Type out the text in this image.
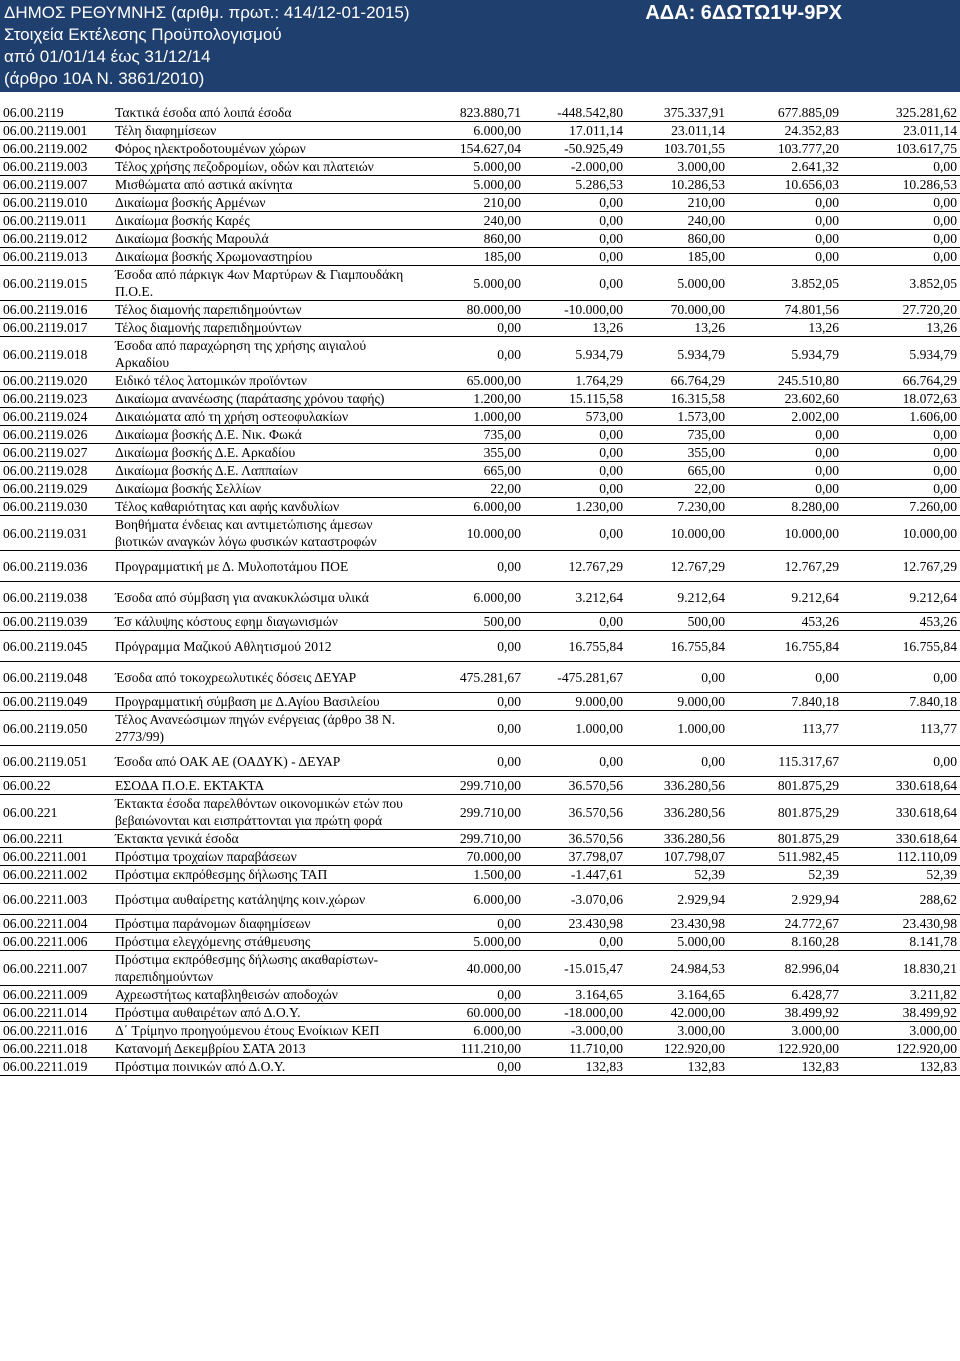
ΔΗΜΟΣ ΡΕΘΥΜΝΗΣ (αριθμ. πρωτ.: 414/12-01-2015)
Στοιχεία Εκτέλεσης Προϋπολογισμού
από 01/01/14 έως 31/12/14
(άρθρο 10Α Ν. 3861/2010)
ΑΔΑ: 6ΔΩΤΩ1Ψ-9ΡΧ
06.00.2119	Τακτικά έσοδα από λοιπά έσοδα	823.880,71	-448.542,80	375.337,91	677.885,09	325.281,62
06.00.2119.001	Τέλη διαφημίσεων	6.000,00	17.011,14	23.011,14	24.352,83	23.011,14
06.00.2119.002	Φόρος ηλεκτροδοτουμένων χώρων	154.627,04	-50.925,49	103.701,55	103.777,20	103.617,75
06.00.2119.003	Τέλος χρήσης πεζοδρομίων, οδών και πλατειών	5.000,00	-2.000,00	3.000,00	2.641,32	0,00
06.00.2119.007	Μισθώματα από αστικά ακίνητα	5.000,00	5.286,53	10.286,53	10.656,03	10.286,53
06.00.2119.010	Δικαίωμα βοσκής Αρμένων	210,00	0,00	210,00	0,00	0,00
06.00.2119.011	Δικαίωμα βοσκής Καρές	240,00	0,00	240,00	0,00	0,00
06.00.2119.012	Δικαίωμα βοσκής Μαρουλά	860,00	0,00	860,00	0,00	0,00
06.00.2119.013	Δικαίωμα βοσκής Χρωμοναστηρίου	185,00	0,00	185,00	0,00	0,00
06.00.2119.015	Έσοδα από πάρκιγκ 4ων Μαρτύρων & Γιαμπουδάκη Π.Ο.Ε.	5.000,00	0,00	5.000,00	3.852,05	3.852,05
06.00.2119.016	Τέλος διαμονής παρεπιδημούντων	80.000,00	-10.000,00	70.000,00	74.801,56	27.720,20
06.00.2119.017	Τέλος διαμονής παρεπιδημούντων	0,00	13,26	13,26	13,26	13,26
06.00.2119.018	Έσοδα από παραχώρηση της χρήσης αιγιαλού Αρκαδίου	0,00	5.934,79	5.934,79	5.934,79	5.934,79
06.00.2119.020	Ειδικό τέλος λατομικών προϊόντων	65.000,00	1.764,29	66.764,29	245.510,80	66.764,29
06.00.2119.023	Δικαίωμα ανανέωσης (παράτασης χρόνου ταφής)	1.200,00	15.115,58	16.315,58	23.602,60	18.072,63
06.00.2119.024	Δικαιώματα από τη χρήση οστεοφυλακίων	1.000,00	573,00	1.573,00	2.002,00	1.606,00
06.00.2119.026	Δικαίωμα βοσκής Δ.Ε. Νικ. Φωκά	735,00	0,00	735,00	0,00	0,00
06.00.2119.027	Δικαίωμα βοσκής Δ.Ε. Αρκαδίου	355,00	0,00	355,00	0,00	0,00
06.00.2119.028	Δικαίωμα βοσκής Δ.Ε. Λαππαίων	665,00	0,00	665,00	0,00	0,00
06.00.2119.029	Δικαίωμα βοσκής Σελλίων	22,00	0,00	22,00	0,00	0,00
06.00.2119.030	Τέλος καθαριότητας και αφής κανδυλίων	6.000,00	1.230,00	7.230,00	8.280,00	7.260,00
06.00.2119.031	Βοηθήματα ένδειας και αντιμετώπισης άμεσων βιοτικών αναγκών λόγω φυσικών καταστροφών	10.000,00	0,00	10.000,00	10.000,00	10.000,00
06.00.2119.036	Προγραμματική με Δ. Μυλοποτάμου ΠΟΕ	0,00	12.767,29	12.767,29	12.767,29	12.767,29
06.00.2119.038	Έσοδα από σύμβαση για ανακυκλώσιμα υλικά	6.000,00	3.212,64	9.212,64	9.212,64	9.212,64
06.00.2119.039	Έσ κάλυψης κόστους εφημ διαγωνισμών	500,00	0,00	500,00	453,26	453,26
06.00.2119.045	Πρόγραμμα Μαζικού Αθλητισμού 2012	0,00	16.755,84	16.755,84	16.755,84	16.755,84
06.00.2119.048	Έσοδα από τοκοχρεωλυτικές δόσεις ΔΕΥΑΡ	475.281,67	-475.281,67	0,00	0,00	0,00
06.00.2119.049	Προγραμματική σύμβαση με Δ.Αγίου Βασιλείου	0,00	9.000,00	9.000,00	7.840,18	7.840,18
06.00.2119.050	Τέλος Ανανεώσιμων πηγών ενέργειας (άρθρο 38 Ν. 2773/99)	0,00	1.000,00	1.000,00	113,77	113,77
06.00.2119.051	Έσοδα από ΟΑΚ ΑΕ (ΟΑΔΥΚ) - ΔΕΥΑΡ	0,00	0,00	0,00	115.317,67	0,00
06.00.22	ΕΣΟΔΑ Π.Ο.Ε. ΕΚΤΑΚΤΑ	299.710,00	36.570,56	336.280,56	801.875,29	330.618,64
06.00.221	Έκτακτα έσοδα παρελθόντων οικονομικών ετών που βεβαιώνονται και εισπράττονται για πρώτη φορά	299.710,00	36.570,56	336.280,56	801.875,29	330.618,64
06.00.2211	Έκτακτα γενικά έσοδα	299.710,00	36.570,56	336.280,56	801.875,29	330.618,64
06.00.2211.001	Πρόστιμα τροχαίων παραβάσεων	70.000,00	37.798,07	107.798,07	511.982,45	112.110,09
06.00.2211.002	Πρόστιμα εκπρόθεσμης δήλωσης ΤΑΠ	1.500,00	-1.447,61	52,39	52,39	52,39
06.00.2211.003	Πρόστιμα αυθαίρετης κατάληψης κοιν.χώρων	6.000,00	-3.070,06	2.929,94	2.929,94	288,62
06.00.2211.004	Πρόστιμα παράνομων διαφημίσεων	0,00	23.430,98	23.430,98	24.772,67	23.430,98
06.00.2211.006	Πρόστιμα ελεγχόμενης στάθμευσης	5.000,00	0,00	5.000,00	8.160,28	8.141,78
06.00.2211.007	Πρόστιμα εκπρόθεσμης δήλωσης ακαθαρίστων-παρεπιδημούντων	40.000,00	-15.015,47	24.984,53	82.996,04	18.830,21
06.00.2211.009	Αχρεωστήτως καταβληθεισών αποδοχών	0,00	3.164,65	3.164,65	6.428,77	3.211,82
06.00.2211.014	Πρόστιμα αυθαιρέτων από Δ.Ο.Υ.	60.000,00	-18.000,00	42.000,00	38.499,92	38.499,92
06.00.2211.016	Δ΄ Τρίμηνο προηγούμενου έτους Ενοίκιων ΚΕΠ	6.000,00	-3.000,00	3.000,00	3.000,00	3.000,00
06.00.2211.018	Κατανομή Δεκεμβρίου ΣΑΤΑ 2013	111.210,00	11.710,00	122.920,00	122.920,00	122.920,00
06.00.2211.019	Πρόστιμα ποινικών από Δ.Ο.Υ.	0,00	132,83	132,83	132,83	132,83
